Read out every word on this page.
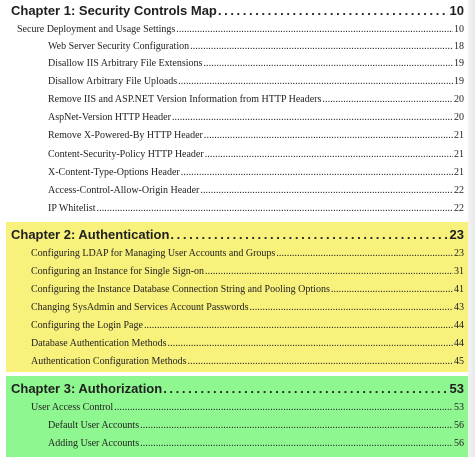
Chapter 1: Security Controls Map . . .	10
Secure Deployment and Usage Settings . . .	10
Web Server Security Configuration . . .	18
Disallow IIS Arbitrary File Extensions . . .	19
Disallow Arbitrary File Uploads . . .	19
Remove IIS and ASP.NET Version Information from HTTP Headers . . .	20
AspNet-Version HTTP Header . . .	20
Remove X-Powered-By HTTP Header . . .	21
Content-Security-Policy HTTP Header . . .	21
X-Content-Type-Options Header . . .	21
Access-Control-Allow-Origin Header . . .	22
IP Whitelist . . .	22
Chapter 2: Authentication . . .	23
Configuring LDAP for Managing User Accounts and Groups . . .	23
Configuring an Instance for Single Sign-on . . .	31
Configuring the Instance Database Connection String and Pooling Options . . .	41
Changing SysAdmin and Services Account Passwords . . .	43
Configuring the Login Page . . .	44
Database Authentication Methods . . .	44
Authentication Configuration Methods . . .	45
Chapter 3: Authorization . . .	53
User Access Control . . .	53
Default User Accounts . . .	56
Adding User Accounts . . .	56
